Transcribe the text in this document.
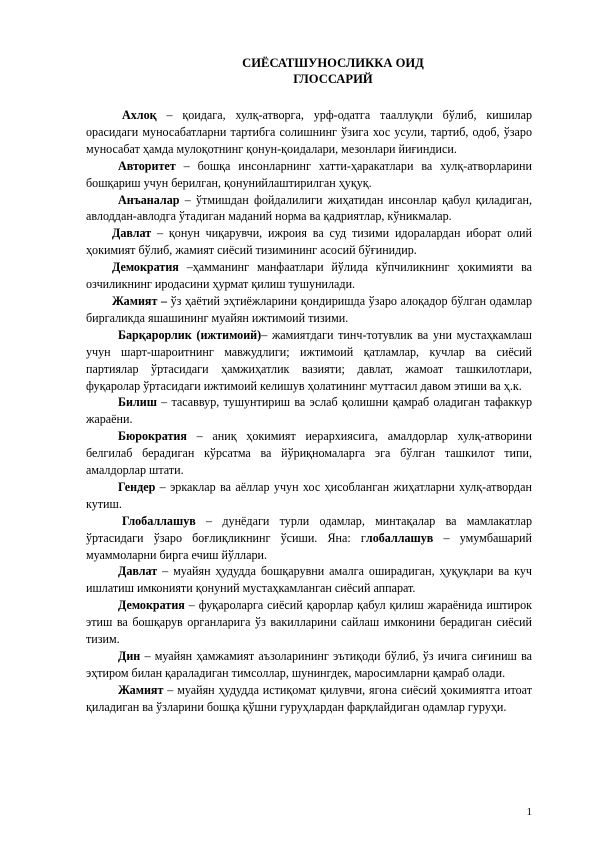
СИЁСАТШУНОСЛИККА ОИД
ГЛОССАРИЙ

Ахлоқ – қоидага, хулқ-атворга, урф-одатга тааллуқли бўлиб, кишилар орасидаги муносабатларни тартибга солишнинг ўзига хос усули, тартиб, одоб, ўзаро муносабат ҳамда мулоқотнинг қонун-қоидалари, мезонлари йиғиндиси.

Авторитет – бошқа инсонларнинг хатти-ҳаракатлари ва хулқ-атворларини бошқариш учун берилган, қонунийлаштирилган ҳуқуқ.

Анъаналар – ўтмишдан фойдалилиги жиҳатидан инсонлар қабул қиладиган, авлоддан-авлодга ўтадиган маданий норма ва қадриятлар, кўникмалар.

Давлат – қонун чиқарувчи, ижроия ва суд тизими идоралардан иборат олий ҳокимият бўлиб, жамият сиёсий тизимининг асосий бўғинидир.

Демократия –ҳамманинг манфаатлари йўлида кўпчиликнинг ҳокимияти ва озчиликнинг иродасини ҳурмат қилиш тушунилади.

Жамият – ўз ҳаётий эҳтиёжларини қондиришда ўзаро алоқадор бўлган одамлар биргаликда яшашининг муайян ижтимоий тизими.

Барқарорлик (ижтимоий)– жамиятдаги тинч-тотувлик ва уни мустаҳкамлаш учун шарт-шароитнинг мавжудлиги; ижтимоий қатламлар, кучлар ва сиёсий партиялар ўртасидаги ҳамжиҳатлик вазияти; давлат, жамоат ташкилотлари, фуқаролар ўртасидаги ижтимоий келишув ҳолатининг муттасил давом этиши ва ҳ.к.

Билиш – тасаввур, тушунтириш ва эслаб қолишни қамраб оладиган тафаккур жараёни.

Бюрократия – аниқ ҳокимият иерархиясига, амалдорлар хулқ-атворини белгилаб берадиган кўрсатма ва йўриқномаларга эга бўлган ташкилот типи, амалдорлар штати.

Гендер – эркаклар ва аёллар учун хос ҳисобланган жиҳатларни хулқ-атвордан кутиш.

Глобаллашув – дунёдаги турли одамлар, минтақалар ва мамлакатлар ўртасидаги ўзаро боғлиқликнинг ўсиши. Яна: глобаллашув – умумбашарий муаммоларни бирга ечиш йўллари.

Давлат – муайян ҳудудда бошқарувни амалга оширадиган, ҳуқуқлари ва куч ишлатиш имконияти қонуний мустаҳкамланган сиёсий аппарат.

Демократия – фуқароларга сиёсий қарорлар қабул қилиш жараёнида иштирок этиш ва бошқарув органларига ўз вакилларини сайлаш имконини берадиган сиёсий тизим.

Дин – муайян ҳамжамият аъзоларининг эътиқоди бўлиб, ўз ичига сиғиниш ва эҳтиром билан қараладиган тимсоллар, шунингдек, маросимларни қамраб олади.

Жамият – муайян ҳудудда истиқомат қилувчи, ягона сиёсий ҳокимиятга итоат қиладиган ва ўзларини бошқа қўшни гуруҳлардан фарқлайдиган одамлар гуруҳи.

1
